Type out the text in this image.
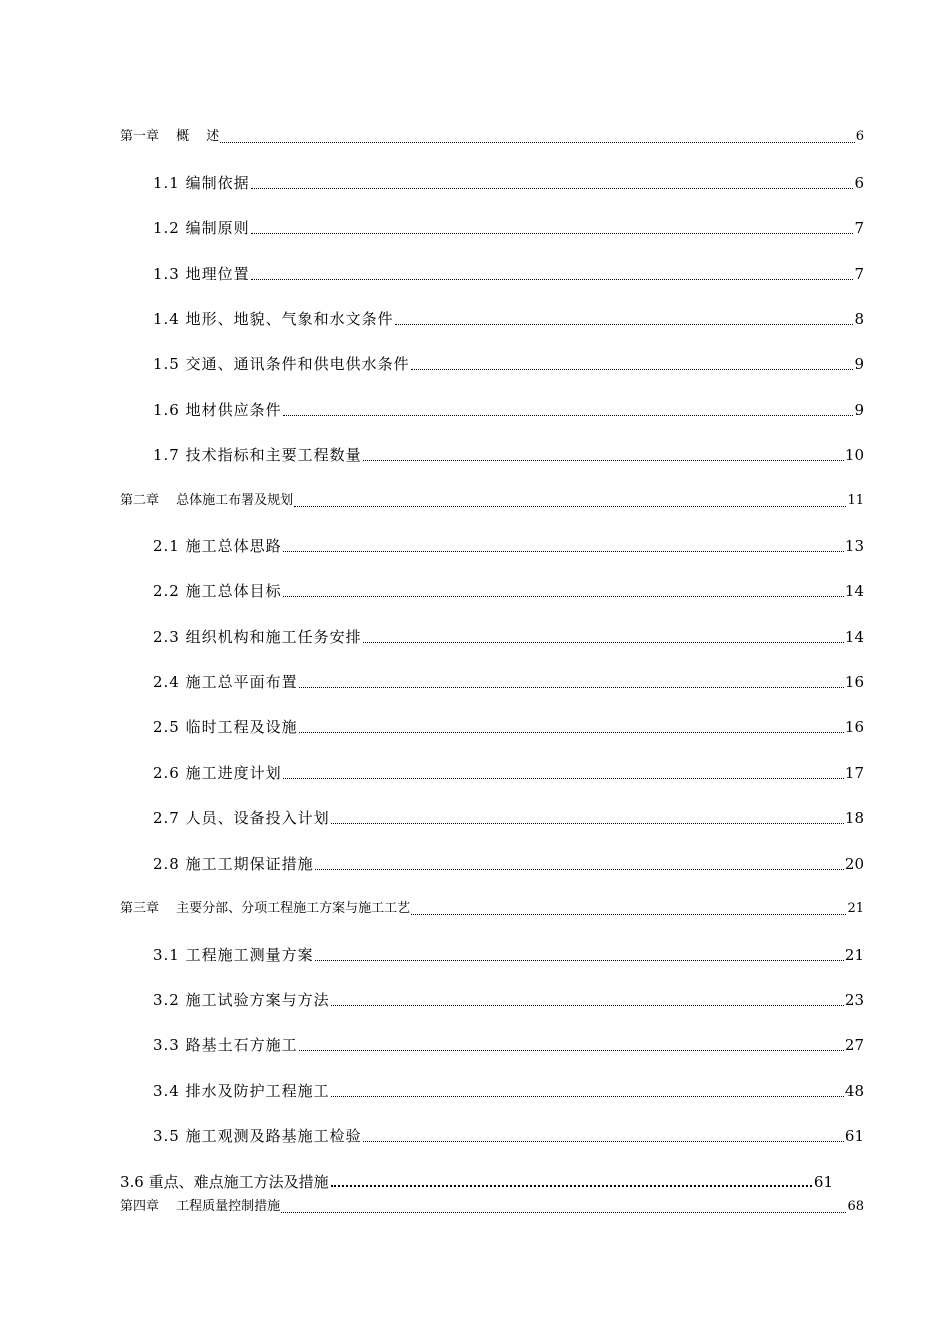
第一章　 概　 述	6
1.1 编制依据	6
1.2 编制原则	7
1.3 地理位置	7
1.4 地形、地貌、气象和水文条件	8
1.5 交通、通讯条件和供电供水条件	9
1.6 地材供应条件	9
1.7 技术指标和主要工程数量	10
第二章　 总体施工布署及规划	11
2.1 施工总体思路	13
2.2 施工总体目标	14
2.3 组织机构和施工任务安排	14
2.4 施工总平面布置	16
2.5 临时工程及设施	16
2.6 施工进度计划	17
2.7 人员、设备投入计划	18
2.8 施工工期保证措施	20
第三章　 主要分部、分项工程施工方案与施工工艺	21
3.1 工程施工测量方案	21
3.2 施工试验方案与方法	23
3.3 路基土石方施工	27
3.4 排水及防护工程施工	48
3.5 施工观测及路基施工检验	61
3.6 重点、难点施工方法及措施	61
第四章　 工程质量控制措施	68
